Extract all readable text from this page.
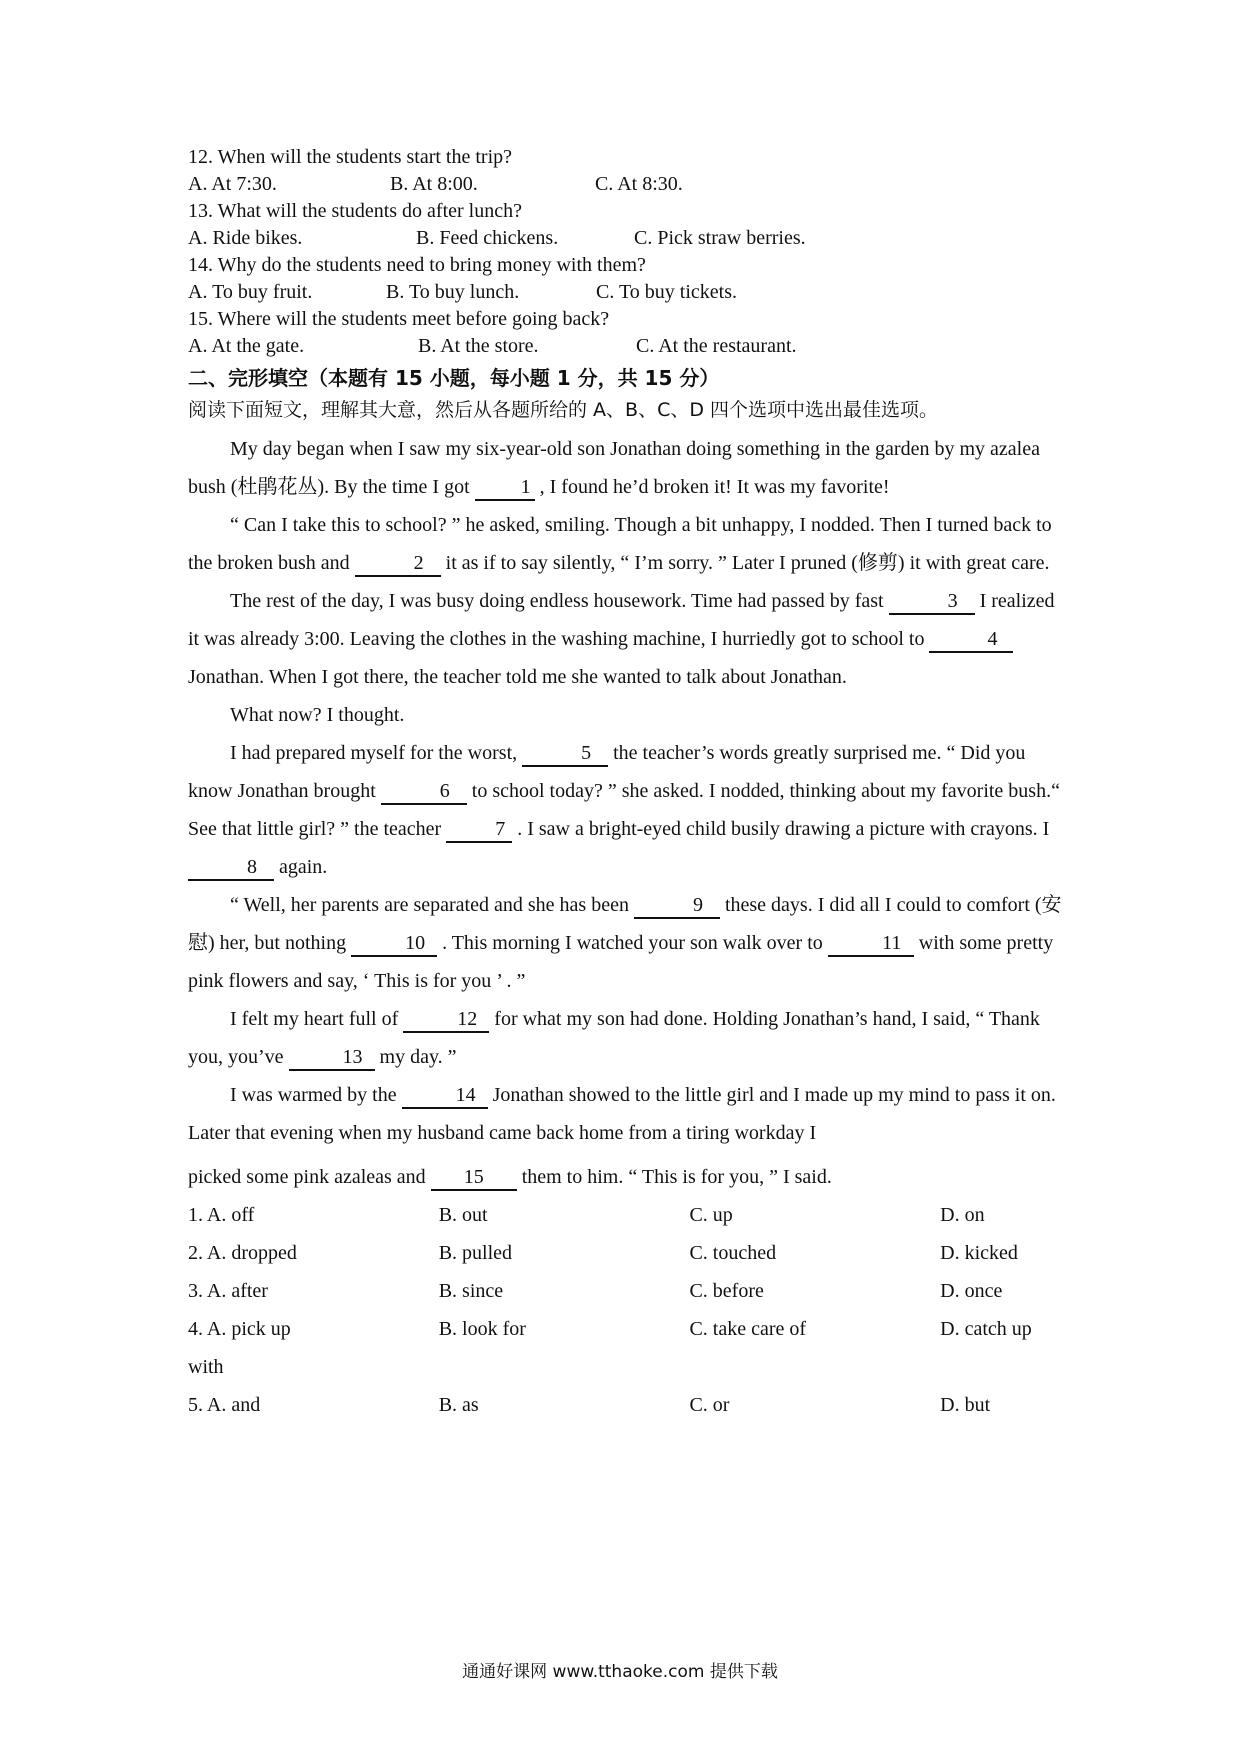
12. When will the students start the trip?
A. At 7:30.	B. At 8:00.	C. At 8:30.
13. What will the students do after lunch?
A. Ride bikes.	B. Feed chickens.	C. Pick straw berries.
14. Why do the students need to bring money with them?
A. To buy fruit.	B. To buy lunch.	C. To buy tickets.
15. Where will the students meet before going back?
A. At the gate.	B. At the store.	C. At the restaurant.
二、完形填空（本题有 15 小题，每小题 1 分，共 15 分）
阅读下面短文，理解其大意，然后从各题所给的 A、B、C、D 四个选项中选出最佳选项。

My day began when I saw my six-year-old son Jonathan doing something in the garden by my azalea bush (杜鹃花丛). By the time I got	1 , I found he’d broken it! It was my favorite!

“ Can I take this to school? ” he asked, smiling. Though a bit unhappy, I nodded. Then I turned back to the broken bush and	2 it as if to say silently, “ I’m sorry. ” Later I pruned (修剪) it with great care.

The rest of the day, I was busy doing endless housework. Time had passed by fast	3 I realized it was already 3:00. Leaving the clothes in the washing machine, I hurriedly got to school to	4 Jonathan. When I got there, the teacher told me she wanted to talk about Jonathan.

What now? I thought.

I had prepared myself for the worst,	5 the teacher’s words greatly surprised me. “ Did you know Jonathan brought	6 to school today? ” she asked. I nodded, thinking about my favorite bush.“ See that little girl? ” the teacher	7 . I saw a bright-eyed child busily drawing a picture with crayons. I 8 again.

“ Well, her parents are separated and she has been	9 these days. I did all I could to comfort (安慰) her, but nothing	10 . This morning I watched your son walk over to	11 with some pretty pink flowers and say, ‘ This is for you ’ . ”

I felt my heart full of	12 for what my son had done. Holding Jonathan’s hand, I said, “ Thank you, you’ve	13 my day. ”

I was warmed by the	14 Jonathan showed to the little girl and I made up my mind to pass it on. Later that evening when my husband came back home from a tiring workday I

picked some pink azaleas and 15 them to him. “ This is for you, ” I said.

1. A. off	B. out	C. up	D. on
2. A. dropped	B. pulled	C. touched	D. kicked
3. A. after	B. since	C. before	D. once
4. A. pick up	B. look for	C. take care of	D. catch up
with
5. A. and	B. as	C. or	D. but
通通好课网 www.tthaoke.com 提供下载
